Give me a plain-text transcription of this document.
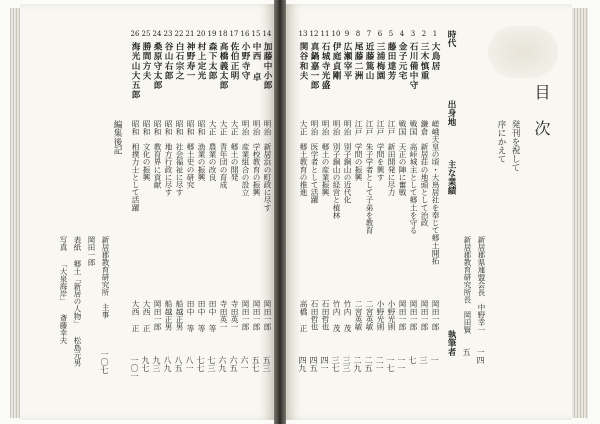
目次
発刊を祝して
序にかえて
新居郡県連盟会長　中野幸一
新居郡教育研究所長　岡田賢
一四
五
時代
出身地
主な業績
執筆者
1
大鳥居
嵯峨天皇の頃・大鳥居社を奉じて郷土開拓
岡田一郎
一
2
三木慎重
鎌倉　新居荘の地頭として治政
岡田一郎
三
3
石川備中守
戦国　高峠城主として郷土を守る
岡田一郎
七
4
金子元宅
戦国　天正の陣に奮戦
岡田一郎
一一
5
藤田達芳
江戸　新田開発に尽力
小野光則
一七
6
三浦梅園
江戸　学問を興す
小野光則
二一
7
近藤篤山
江戸　朱子学者として子弟を教育
二宮英敏
二五
8
尾藤二洲
江戸　学問の振興
二宮英敏
二九
9
広瀬宰平
明治　別子銅山の近代化
竹内 茂
三三
10
伊庭貞剛
明治　別子銅山の経営と植林
竹内 茂
三七
11
石城寺光盛
明治　郷土の産業振興
石田哲也
四一
12
真鍋嘉一郎
明治　医学者として活躍
石田哲也
四五
13
関谷和夫
大正　郷土教育の推進
高橋 正
四九
14
加藤中小郎
明治　新居浜の町政に尽す
岡田一郎
五三
15
中西 卓
明治　学校教育の振興
岡田一郎
五七
16
小野寺守
明治　産業組合の設立
岡田一郎
六一
17
佐伯正明
大正　郷土の開発
寺田英一
六五
18
高橋義太郎
大正　青年団の育成
寺田英一
六九
19
森下太郎
大正　農業の改良
田中 等
七三
20
村上定光
昭和　漁業の振興
田中 等
七七
21
神野寿一
昭和　郷土史の研究
田中 等
八一
22
白石宗之
昭和　社会福祉に尽す
船越正男
八五
23
谷山右郎
昭和　地方行政に尽す
船越正男
八九
24
桑原守太郎
昭和　教育界に貢献
岡田一郎
九三
25
勝間方夫
昭和　文化の振興
大西 正
九七
26
海光山大五郎
昭和　相撲力士として活躍
大西 正
一〇一
編集後記
新居郡教育研究所　主事
岡田一郎
一〇七
表紙 郷土「新居の人物」 松島元男
写真 「大泉海岸」 斎藤幸夫
